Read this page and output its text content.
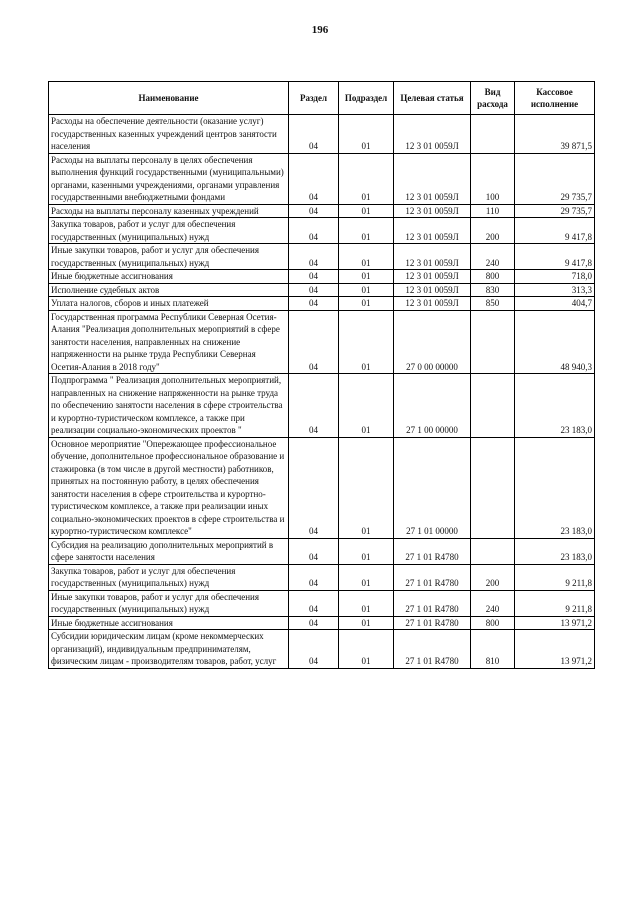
196
Наименование	Раздел	Подраздел	Целевая статья	Вид расхода	Кассовое исполнение
Расходы на обеспечение деятельности (оказание услуг) государственных казенных учреждений центров занятости населения	04	01	12 3 01 0059Л		39 871,5
Расходы на выплаты персоналу в целях обеспечения выполнения функций государственными (муниципальными) органами, казенными учреждениями, органами управления государственными внебюджетными фондами	04	01	12 3 01 0059Л	100	29 735,7
Расходы на выплаты персоналу казенных учреждений	04	01	12 3 01 0059Л	110	29 735,7
Закупка товаров, работ и услуг для обеспечения государственных (муниципальных) нужд	04	01	12 3 01 0059Л	200	9 417,8
Иные закупки товаров, работ и услуг для обеспечения государственных (муниципальных) нужд	04	01	12 3 01 0059Л	240	9 417,8
Иные бюджетные ассигнования	04	01	12 3 01 0059Л	800	718,0
Исполнение судебных актов	04	01	12 3 01 0059Л	830	313,3
Уплата налогов, сборов и иных платежей	04	01	12 3 01 0059Л	850	404,7
Государственная программа Республики Северная Осетия-Алания "Реализация дополнительных мероприятий в сфере занятости населения, направленных на снижение напряженности на рынке труда Республики Северная Осетия-Алания в 2018 году"	04	01	27 0 00 00000		48 940,3
Подпрограмма " Реализация дополнительных мероприятий, направленных на снижение напряженности на рынке труда по обеспечению занятости населения в сфере строительства и курортно-туристическом комплексе, а также при реализации социально-экономических проектов "	04	01	27 1 00 00000		23 183,0
Основное мероприятие "Опережающее профессиональное обучение, дополнительное профессиональное образование и стажировка (в том числе в другой местности) работников, принятых на постоянную работу, в целях обеспечения занятости населения в сфере строительства и курортно-туристическом комплексе, а также при реализации иных социально-экономических проектов в сфере строительства и курортно-туристическом комплексе"	04	01	27 1 01 00000		23 183,0
Субсидия на реализацию дополнительных мероприятий в сфере занятости населения	04	01	27 1 01 R4780		23 183,0
Закупка товаров, работ и услуг для обеспечения государственных (муниципальных) нужд	04	01	27 1 01 R4780	200	9 211,8
Иные закупки товаров, работ и услуг для обеспечения государственных (муниципальных) нужд	04	01	27 1 01 R4780	240	9 211,8
Иные бюджетные ассигнования	04	01	27 1 01 R4780	800	13 971,2
Субсидии юридическим лицам (кроме некоммерческих организаций), индивидуальным предпринимателям, физическим лицам - производителям товаров, работ, услуг	04	01	27 1 01 R4780	810	13 971,2
